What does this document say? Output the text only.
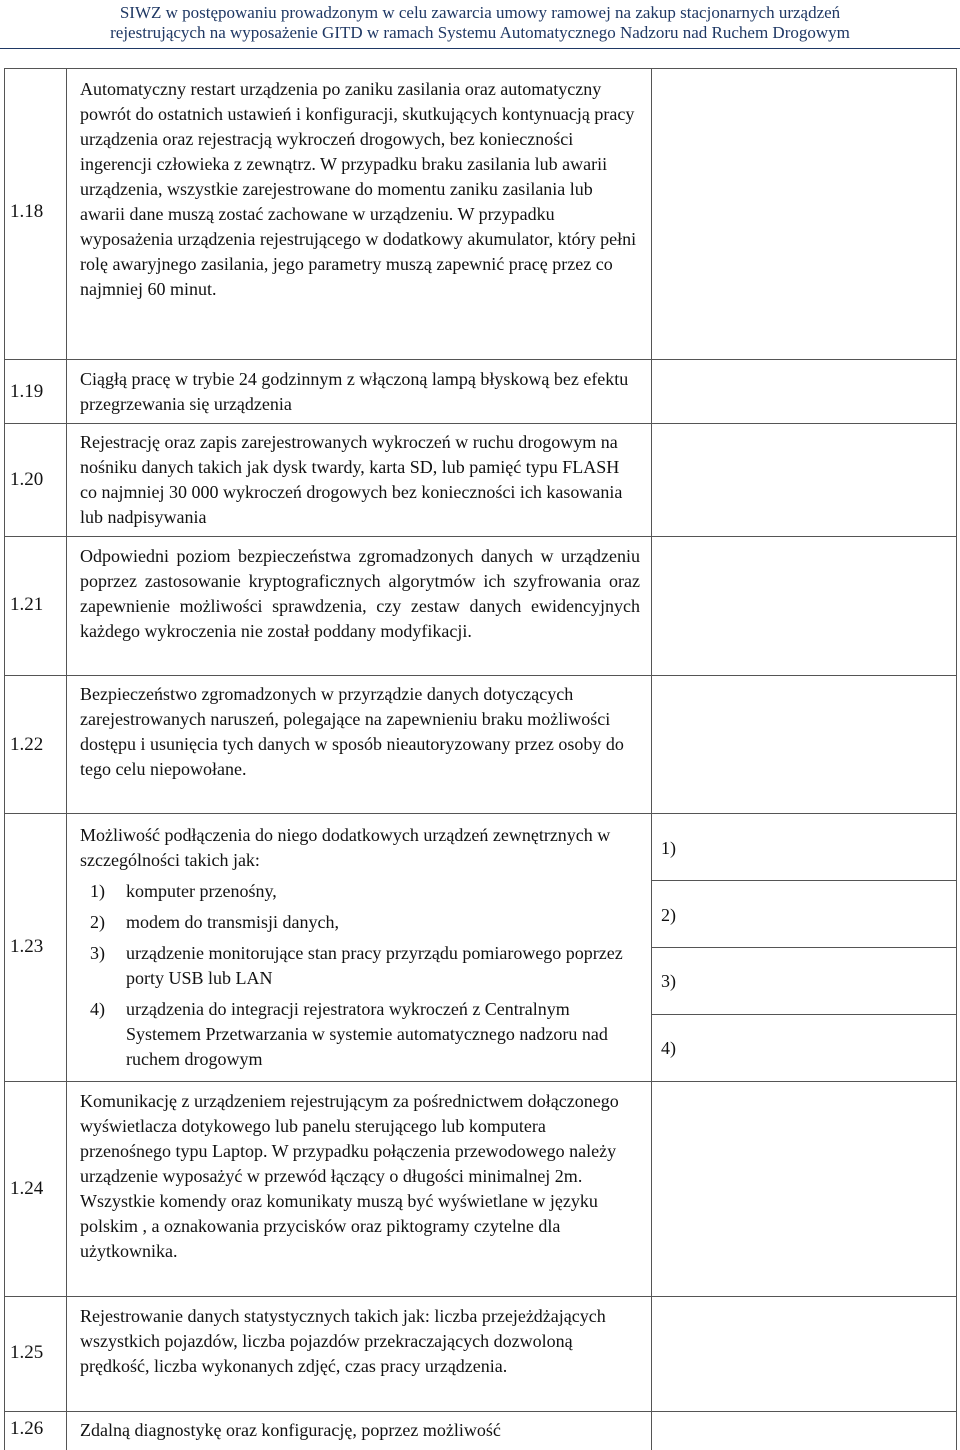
SIWZ w postępowaniu prowadzonym w celu zawarcia umowy ramowej na zakup stacjonarnych urządzeń
rejestrujących na wyposażenie GITD w ramach Systemu Automatycznego Nadzoru nad Ruchem Drogowym
1.18
1.19
1.20
1.21
1.22
1.23
1.24
1.25
1.26
Automatyczny restart urządzenia po zaniku zasilania oraz automatyczny powrót do ostatnich ustawień i konfiguracji, skutkujących kontynuacją pracy urządzenia oraz rejestracją wykroczeń drogowych, bez konieczności ingerencji człowieka z zewnątrz. W przypadku braku zasilania lub awarii urządzenia, wszystkie zarejestrowane do momentu zaniku zasilania lub awarii dane muszą zostać zachowane w urządzeniu. W przypadku wyposażenia urządzenia rejestrującego w dodatkowy akumulator, który pełni rolę awaryjnego zasilania, jego parametry muszą zapewnić pracę przez co najmniej 60 minut.
Ciągłą pracę w trybie 24 godzinnym z włączoną lampą błyskową bez efektu przegrzewania się urządzenia
Rejestrację oraz zapis zarejestrowanych wykroczeń w ruchu drogowym na nośniku danych takich jak dysk twardy, karta SD, lub pamięć typu FLASH co najmniej 30 000 wykroczeń drogowych bez konieczności ich kasowania lub nadpisywania
Odpowiedni poziom bezpieczeństwa zgromadzonych danych w urządzeniu poprzez zastosowanie kryptograficznych algorytmów ich szyfrowania oraz zapewnienie możliwości sprawdzenia, czy zestaw danych ewidencyjnych każdego wykroczenia nie został poddany modyfikacji.
Bezpieczeństwo zgromadzonych w przyrządzie danych dotyczących zarejestrowanych naruszeń, polegające na zapewnieniu braku możliwości dostępu i usunięcia tych danych w sposób nieautoryzowany przez osoby do tego celu niepowołane.

Możliwość podłączenia do niego dodatkowych urządzeń zewnętrznych w szczególności takich jak:

1) komputer przenośny,
2) modem do transmisji danych,
3) urządzenie monitorujące stan pracy przyrządu pomiarowego poprzez porty USB lub LAN
4) urządzenia do integracji rejestratora wykroczeń z Centralnym Systemem Przetwarzania w systemie automatycznego nadzoru nad ruchem drogowym
1)
2)
3)
4)
Komunikację z urządzeniem rejestrującym za pośrednictwem dołączonego wyświetlacza dotykowego lub panelu sterującego lub komputera przenośnego typu Laptop. W przypadku połączenia przewodowego należy urządzenie wyposażyć w przewód łączący o długości minimalnej 2m. Wszystkie komendy oraz komunikaty muszą być wyświetlane w języku polskim , a oznakowania przycisków oraz piktogramy czytelne dla użytkownika.
Rejestrowanie danych statystycznych takich jak: liczba przejeżdżających wszystkich pojazdów, liczba pojazdów przekraczających dozwoloną prędkość, liczba wykonanych zdjęć, czas pracy urządzenia.
Zdalną diagnostykę oraz konfigurację, poprzez możliwość
